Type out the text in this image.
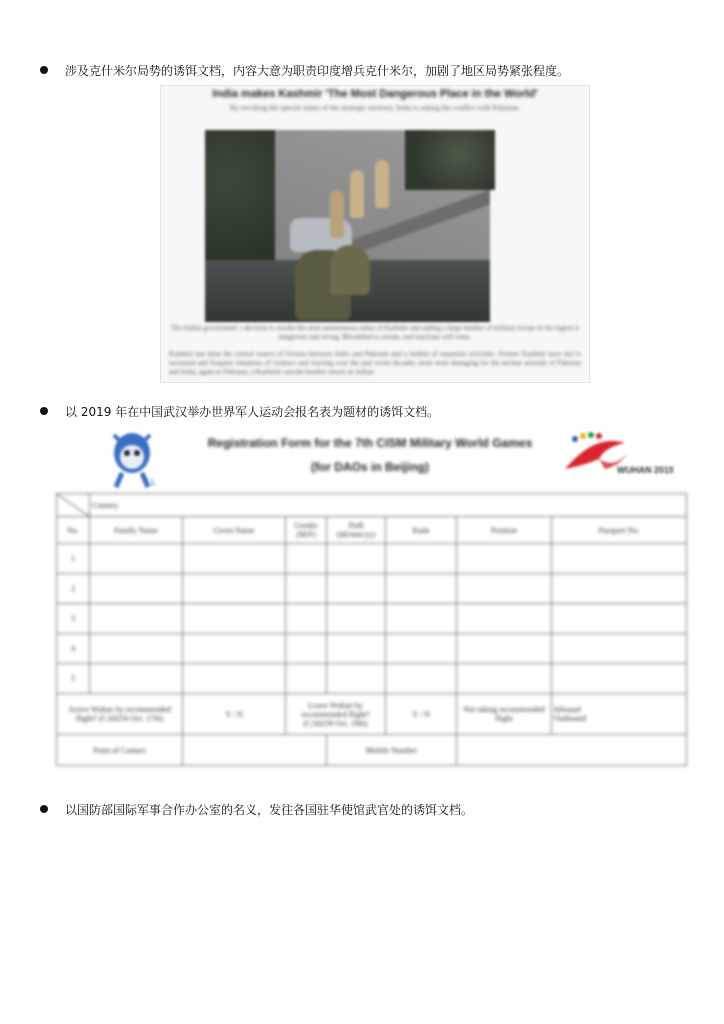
涉及克什米尔局势的诱饵文档，内容大意为职责印度增兵克什米尔，加剧了地区局势紧张程度。
India makes Kashmir 'The Most Dangerous Place in the World'
By revoking the special status of the strategic territory, India is asking the conflict with Pakistan.
The Indian government' s decision to revoke the semi-autonomous status of Kashmir and adding a large number of military troops to the region is dangerous and wrong. Bloodshed is certain, and reactions will come.
Kashmir has been the central source of friction between India and Pakistan and a hotbed of separatist activities. Former Kashmir have led to increased and frequent situations of violence and reacting over the past seven decades, most most damaging for the nuclear arsenals of Pakistan and India, again in February, a Kashmiri suicide bomber struck an Indian
以 2019 年在中国武汉举办世界军人运动会报名表为题材的诱饵文档。
LL
Registration Form for the 7th CISM Military World Games
(for DAOs in Beijing)	WUHAN 2019
	Country						
No.	Family Name	Given Name	Gender (M/F)	DoB (dd/mm/yy)	Rank	Position	Passport No.
1							
2							
3							
4							
5							
Arrive Wuhan by recommended flight? (CA8256 Oct. 17th)		Y / N	Leave Wuhan by recommended flight? (CA8259 Oct. 19th)		Y / N	Not taking recommended flight	Inbound
Outbound

Point of Contact				Mobile Number			
以国防部国际军事合作办公室的名义，发往各国驻华使馆武官处的诱饵文档。
